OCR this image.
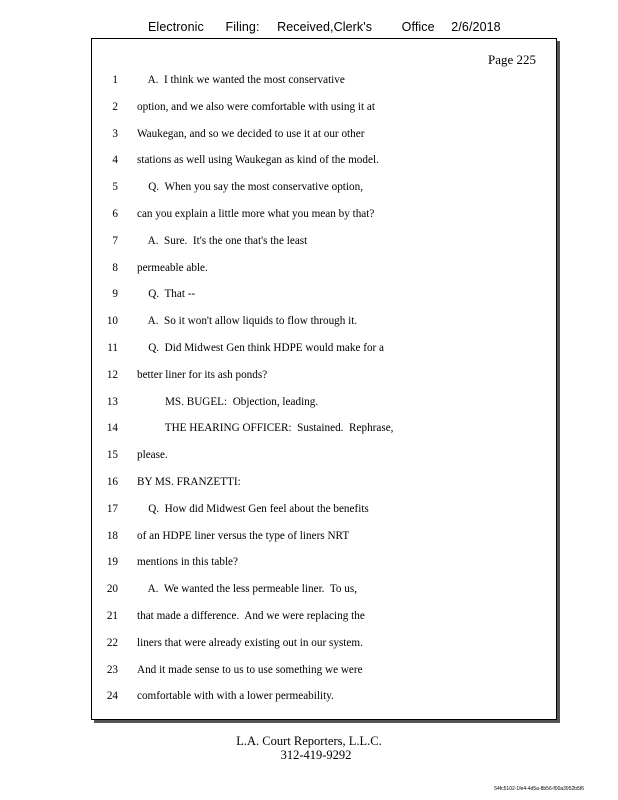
Electronic Filing: Received,Clerk's Office 2/6/2018
Page 225
1 A.  I think we wanted the most conservative
2 option, and we also were comfortable with using it at
3 Waukegan, and so we decided to use it at our other
4 stations as well using Waukegan as kind of the model.
5 Q.  When you say the most conservative option,
6 can you explain a little more what you mean by that?
7 A.  Sure.  It's the one that's the least
8 permeable able.
9 Q.  That --
10 A.  So it won't allow liquids to flow through it.
11 Q.  Did Midwest Gen think HDPE would make for a
12 better liner for its ash ponds?
13 MS. BUGEL:  Objection, leading.
14 THE HEARING OFFICER:  Sustained.  Rephrase,
15 please.
16 BY MS. FRANZETTI:
17 Q.  How did Midwest Gen feel about the benefits
18 of an HDPE liner versus the type of liners NRT
19 mentions in this table?
20 A.  We wanted the less permeable liner.  To us,
21 that made a difference.  And we were replacing the
22 liners that were already existing out in our system.
23 And it made sense to us to use something we were
24 comfortable with with a lower permeability.
L.A. Court Reporters, L.L.C.
312-419-9292
54fc5102-1fe4-4d5a-8b56-f00a3952b5f6
